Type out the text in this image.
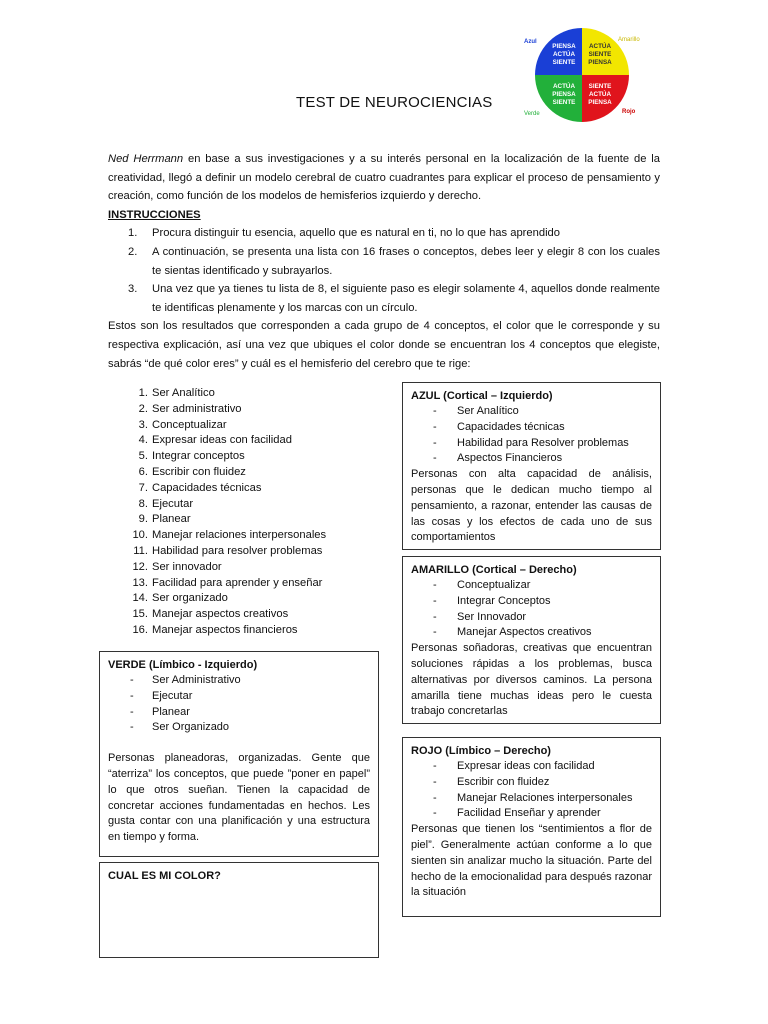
Azul	Amarillo
Verde	Rojo
PIENSA
ACTÚA
SIENTE
ACTÚA
SIENTE
PIENSA
ACTÚA
PIENSA
SIENTE
SIENTE
ACTÚA
PIENSA
TEST DE NEUROCIENCIAS
Ned Herrmann en base a sus investigaciones y a su interés personal en la localización de la fuente de la creatividad, llegó a definir un modelo cerebral de cuatro cuadrantes para explicar el proceso de pensamiento y creación, como función de los modelos de hemisferios izquierdo y derecho.
INSTRUCCIONES
1. Procura distinguir tu esencia, aquello que es natural en ti, no lo que has aprendido
2. A continuación, se presenta una lista con 16 frases o conceptos, debes leer y elegir 8 con los cuales te sientas identificado y subrayarlos.
3. Una vez que ya tienes tu lista de 8, el siguiente paso es elegir solamente 4, aquellos donde realmente te identificas plenamente y los marcas con un círculo.
Estos son los resultados que corresponden a cada grupo de 4 conceptos, el color que le corresponde y su respectiva explicación, así una vez que ubiques el color donde se encuentran los 4 conceptos que elegiste, sabrás “de qué color eres” y cuál es el hemisferio del cerebro que te rige:
1. Ser Analítico
2. Ser administrativo
3. Conceptualizar
4. Expresar ideas con facilidad
5. Integrar conceptos
6. Escribir con fluidez
7. Capacidades técnicas
8. Ejecutar
9. Planear
10. Manejar relaciones interpersonales
11. Habilidad para resolver problemas
12. Ser innovador
13. Facilidad para aprender y enseñar
14. Ser organizado
15. Manejar aspectos creativos
16. Manejar aspectos financieros
AZUL (Cortical – Izquierdo)
- Ser Analítico
- Capacidades técnicas
- Habilidad para Resolver problemas
- Aspectos Financieros
Personas con alta capacidad de análisis, personas que le dedican mucho tiempo al pensamiento, a razonar, entender las causas de las cosas y los efectos de cada uno de sus comportamientos
AMARILLO (Cortical – Derecho)
- Conceptualizar
- Integrar Conceptos
- Ser Innovador
- Manejar Aspectos creativos
Personas soñadoras, creativas que encuentran soluciones rápidas a los problemas, busca alternativas por diversos caminos. La persona amarilla tiene muchas ideas pero le cuesta trabajo concretarlas
ROJO (Límbico – Derecho)
- Expresar ideas con facilidad
- Escribir con fluidez
- Manejar Relaciones interpersonales
- Facilidad Enseñar y aprender
Personas que tienen los “sentimientos a flor de piel”. Generalmente actúan conforme a lo que sienten sin analizar mucho la situación. Parte del hecho de la emocionalidad para después razonar la situación
VERDE (Límbico - Izquierdo)
- Ser Administrativo
- Ejecutar
- Planear
- Ser Organizado
Personas planeadoras, organizadas. Gente que “aterriza” los conceptos, que puede ”poner en papel” lo que otros sueñan. Tienen la capacidad de concretar acciones fundamentadas en hechos. Les gusta contar con una planificación y una estructura en tiempo y forma.
CUAL ES MI COLOR?
